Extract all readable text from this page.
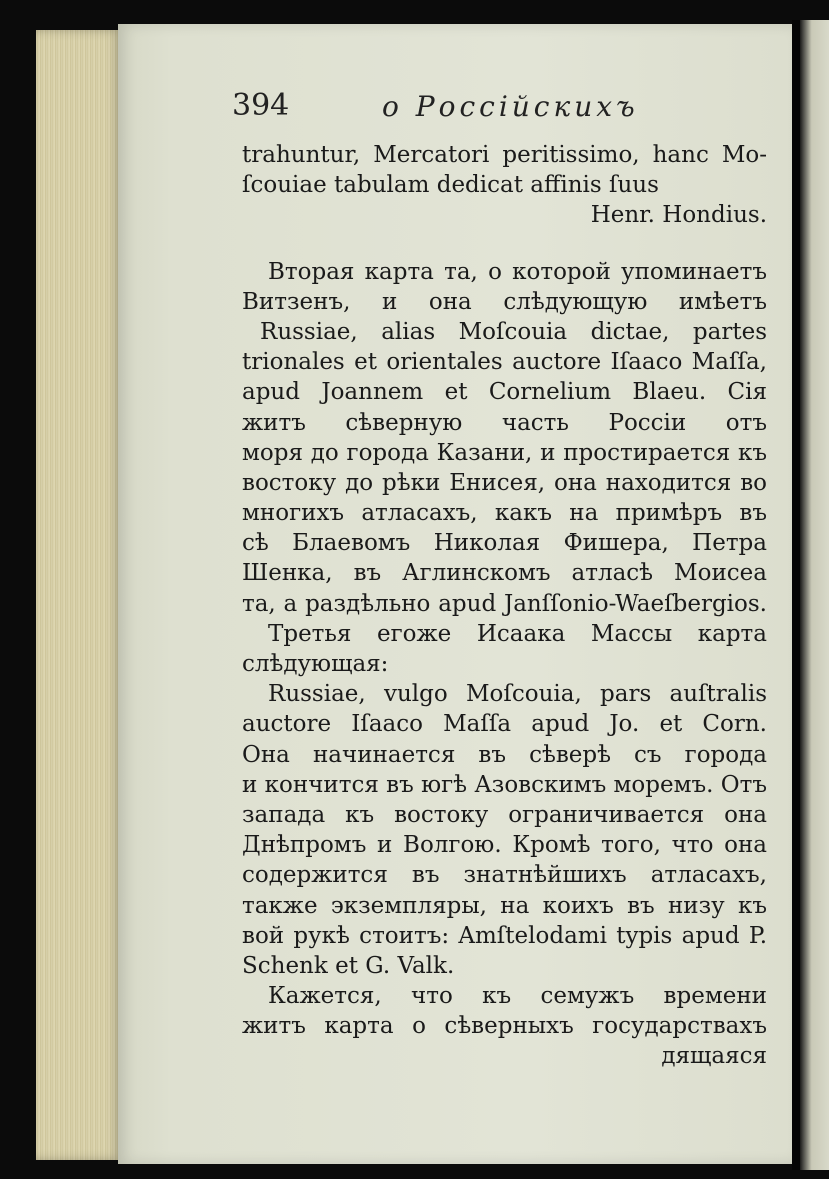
394	о Россійскихъ
trahuntur, Mercatori peritissimo, hanc Mo-
ſcouiae tabulam dedicat affinis ſuus
Henr. Hondius.
Вторая карта та, о которой упоминаетъ
Витзенъ, и она слѣдующую имѣетъ
Russiae, alias Moſcouia dictae, partes
trionales et orientales auctore Iſaaco Maſſa,
apud Joannem et Cornelium Blaeu. Сія
житъ сѣверную часть Россіи отъ
моря до города Казани, и простирается къ
востоку до рѣки Енисея, она находится во
многихъ атласахъ, какъ на примѣръ въ
сѣ Блаевомъ Николая Фишера, Петра
Шенка, въ Аглинскомъ атласѣ Моисеа
та, а раздѣльно apud Janſſonio-Waeſbergios.
Третья егоже Исаака Массы карта
слѣдующая:
Russiae, vulgo Moſcouia, pars auſtralis
auctore Iſaaco Maſſa apud Jo. et Corn.
Она начинается въ сѣверѣ съ города
и кончится въ югѣ Азовскимъ моремъ. Отъ
запада къ востоку ограничивается она
Днѣпромъ и Волгою. Кромѣ того, что она
содержится въ знатнѣйшихъ атласахъ,
также экземпляры, на коихъ въ низу къ
вой рукѣ стоитъ: Amſtelodami typis apud P.
Schenk et G. Valk.
Кажется, что къ семужъ времени
житъ карта о сѣверныхъ государствахъ
дящаяся
